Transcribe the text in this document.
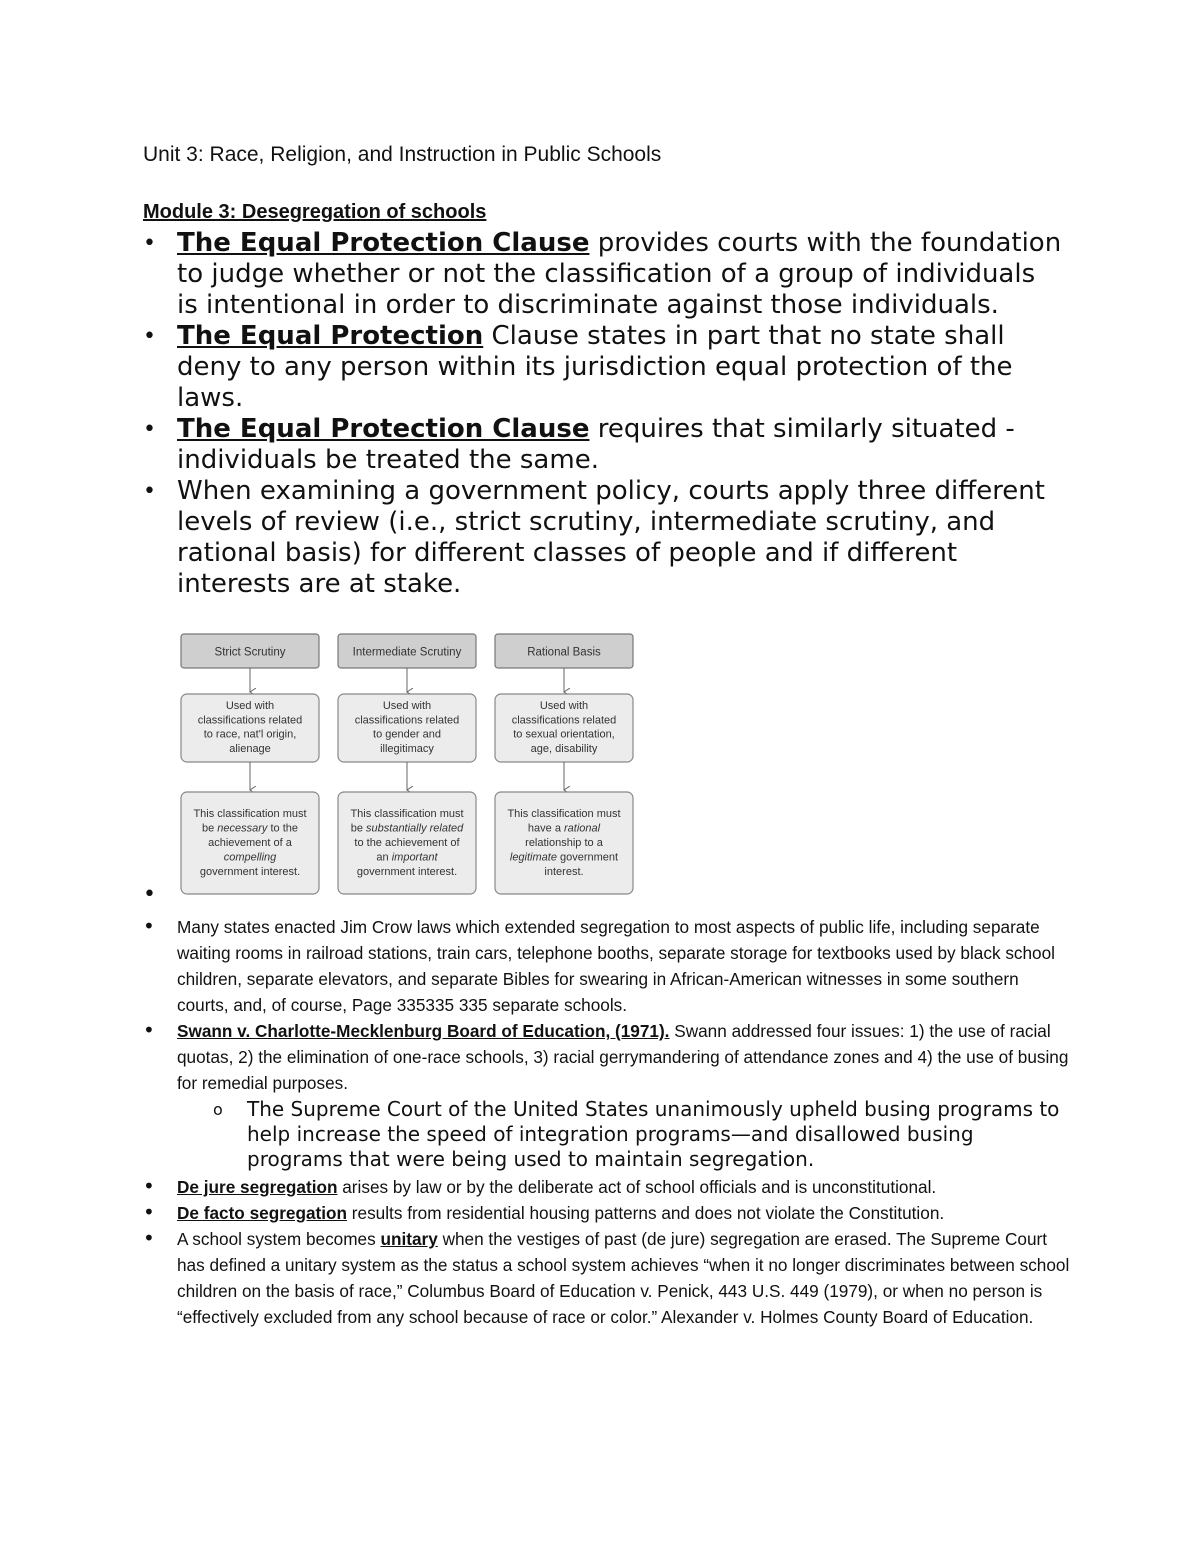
Unit 3: Race, Religion, and Instruction in Public Schools
Module 3: Desegregation of schools
• The Equal Protection Clause provides courts with the foundation to judge whether or not the classification of a group of individuals is intentional in order to discriminate against those individuals.
• The Equal Protection Clause states in part that no state shall deny to any person within its jurisdiction equal protection of the laws.
• The Equal Protection Clause requires that similarly situated - individuals be treated the same.
• When examining a government policy, courts apply three different levels of review (i.e., strict scrutiny, intermediate scrutiny, and rational basis) for different classes of people and if different interests are at stake.
Strict Scrutiny
Used with
classifications related
to race, nat'l origin,
alienage
This classification must
be necessary to the
achievement of a
compelling
government interest.
Intermediate Scrutiny
Used with
classifications related
to gender and
illegitimacy
This classification must
be substantially related
to the achievement of
an important
government interest.
Rational Basis
Used with
classifications related
to sexual orientation,
age, disability
This classification must
have a rational
relationship to a
legitimate government
interest.
•
•	Many states enacted Jim Crow laws which extended segregation to most aspects of public life, including separate waiting rooms in railroad stations, train cars, telephone booths, separate storage for textbooks used by black school children, separate elevators, and separate Bibles for swearing in African-American witnesses in some southern courts, and, of course, Page 335335 335 separate schools.
•	Swann v. Charlotte-Mecklenburg Board of Education, (1971). Swann addressed four issues: 1) the use of racial quotas, 2) the elimination of one-race schools, 3) racial gerrymandering of attendance zones and 4) the use of busing for remedial purposes.
o The Supreme Court of the United States unanimously upheld busing programs to help increase the speed of integration programs—and disallowed busing programs that were being used to maintain segregation.
•	De jure segregation arises by law or by the deliberate act of school officials and is unconstitutional.
•	De facto segregation results from residential housing patterns and does not violate the Constitution.
•	A school system becomes unitary when the vestiges of past (de jure) segregation are erased. The Supreme Court has defined a unitary system as the status a school system achieves “when it no longer discriminates between school children on the basis of race,” Columbus Board of Education v. Penick, 443 U.S. 449 (1979), or when no person is “effectively excluded from any school because of race or color.” Alexander v. Holmes County Board of Education.
